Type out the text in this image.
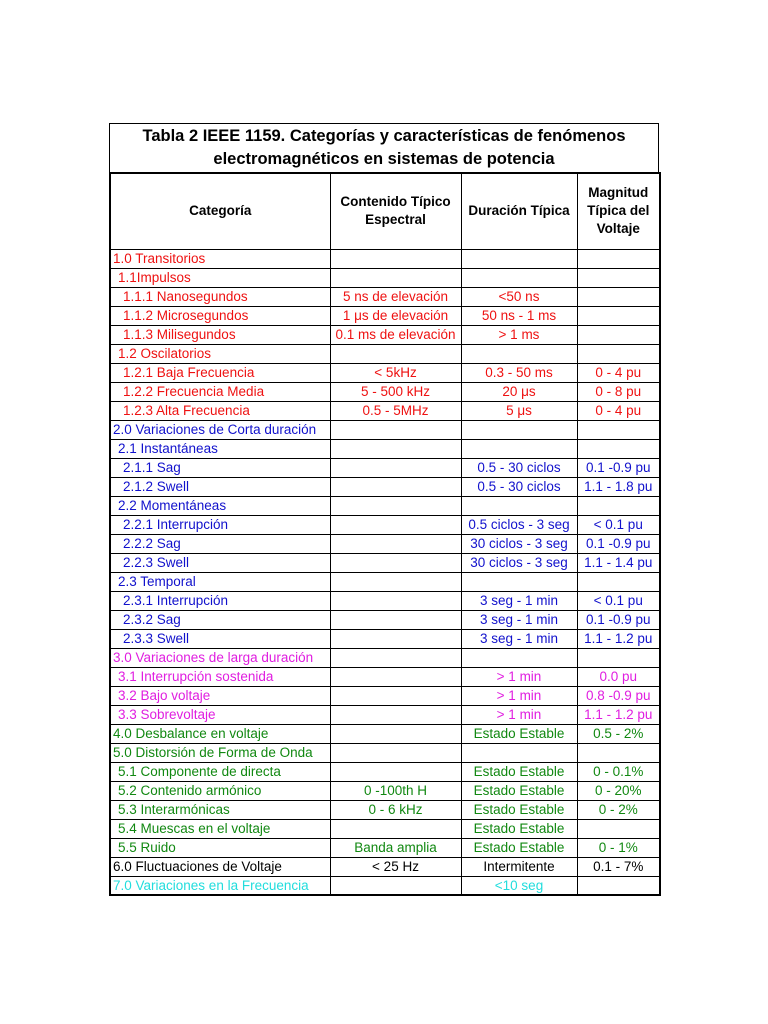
Tabla 2 IEEE 1159. Categorías y características de fenómenos
electromagnéticos en sistemas de potencia
Categoría	Contenido Típico Espectral	Duración Típica	Magnitud Típica del Voltaje
1.0 Transitorios			
1.1Impulsos			
1.1.1 Nanosegundos	5 ns de elevación	<50 ns	
1.1.2 Microsegundos	1 μs de elevación	50 ns - 1 ms	
1.1.3 Milisegundos	0.1 ms de elevación	> 1 ms	
1.2 Oscilatorios			
1.2.1 Baja Frecuencia	< 5kHz	0.3 - 50 ms	0 - 4 pu
1.2.2 Frecuencia Media	5 - 500 kHz	20 μs	0 - 8 pu
1.2.3 Alta Frecuencia	0.5 - 5MHz	5 μs	0 - 4 pu
2.0 Variaciones de Corta duración			
2.1 Instantáneas			
2.1.1 Sag		0.5 - 30 ciclos	0.1 -0.9 pu
2.1.2 Swell		0.5 - 30 ciclos	1.1 - 1.8 pu
2.2 Momentáneas			
2.2.1 Interrupción		0.5 ciclos - 3 seg	< 0.1 pu
2.2.2 Sag		30 ciclos - 3 seg	0.1 -0.9 pu
2.2.3 Swell		30 ciclos - 3 seg	1.1 - 1.4 pu
2.3 Temporal			
2.3.1 Interrupción		3 seg - 1 min	< 0.1 pu
2.3.2 Sag		3 seg - 1 min	0.1 -0.9 pu
2.3.3 Swell		3 seg - 1 min	1.1 - 1.2 pu
3.0 Variaciones de larga duración			
3.1 Interrupción sostenida		> 1 min	0.0 pu
3.2 Bajo voltaje		> 1 min	0.8 -0.9 pu
3.3 Sobrevoltaje		> 1 min	1.1 - 1.2 pu
4.0 Desbalance en voltaje		Estado Estable	0.5 - 2%
5.0 Distorsión de Forma de Onda			
5.1 Componente de directa		Estado Estable	0 - 0.1%
5.2 Contenido armónico	0 -100th H	Estado Estable	0 - 20%
5.3 Interarmónicas	0 - 6 kHz	Estado Estable	0 - 2%
5.4 Muescas en el voltaje		Estado Estable	
5.5 Ruido	Banda amplia	Estado Estable	0 - 1%
6.0 Fluctuaciones de Voltaje	< 25 Hz	Intermitente	0.1 - 7%
7.0 Variaciones en la Frecuencia		<10 seg	
